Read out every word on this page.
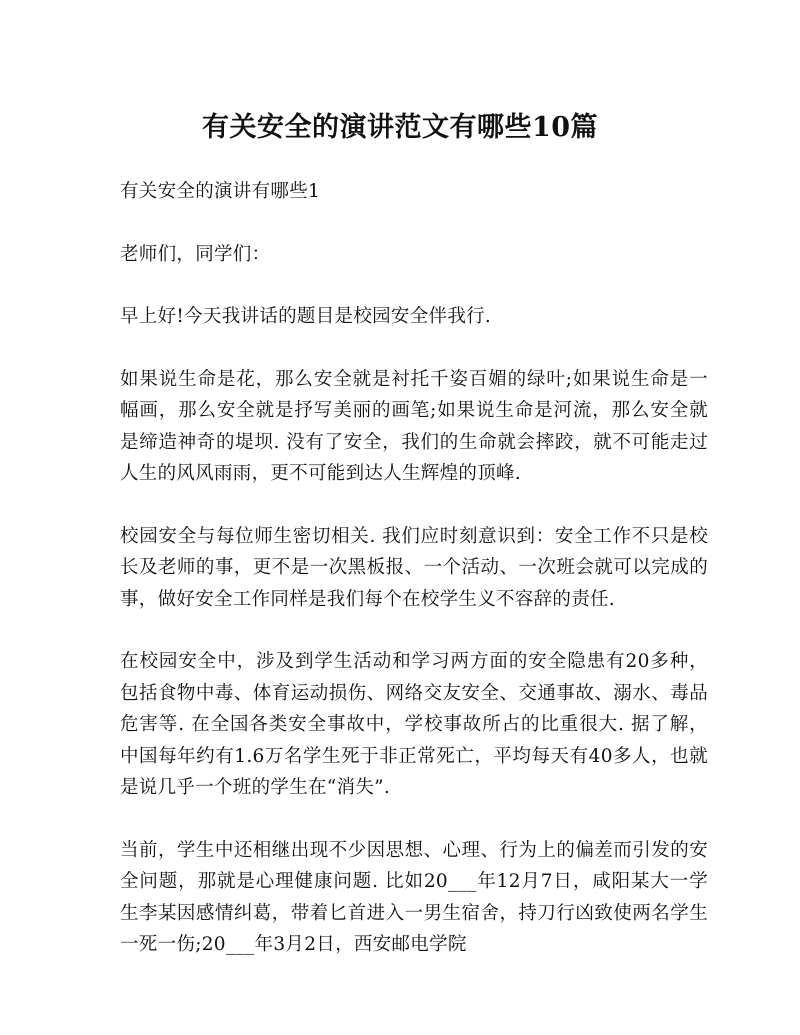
有关安全的演讲范文有哪些10篇

有关安全的演讲有哪些1

老师们，同学们：

早上好!今天我讲话的题目是校园安全伴我行.

如果说生命是花，那么安全就是衬托千姿百媚的绿叶;如果说生命是一幅画，那么安全就是抒写美丽的画笔;如果说生命是河流，那么安全就是缔造神奇的堤坝. 没有了安全，我们的生命就会摔跤，就不可能走过人生的风风雨雨，更不可能到达人生辉煌的顶峰.

校园安全与每位师生密切相关. 我们应时刻意识到：安全工作不只是校长及老师的事，更不是一次黑板报、一个活动、一次班会就可以完成的事，做好安全工作同样是我们每个在校学生义不容辞的责任.

在校园安全中，涉及到学生活动和学习两方面的安全隐患有20多种，包括食物中毒、体育运动损伤、网络交友安全、交通事故、溺水、毒品危害等. 在全国各类安全事故中，学校事故所占的比重很大. 据了解，中国每年约有1.6万名学生死于非正常死亡，平均每天有40多人，也就是说几乎一个班的学生在“消失”.

当前，学生中还相继出现不少因思想、心理、行为上的偏差而引发的安全问题，那就是心理健康问题. 比如20___年12月7日，咸阳某大一学生李某因感情纠葛，带着匕首进入一男生宿舍，持刀行凶致使两名学生一死一伤;20___年3月2日，西安邮电学院
